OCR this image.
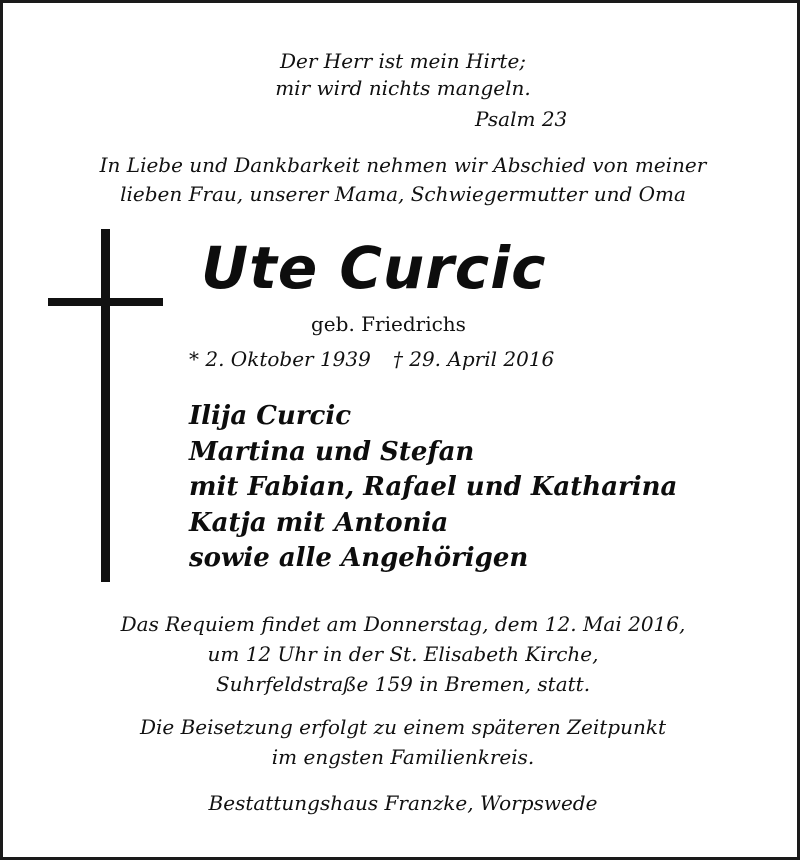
Der Herr ist mein Hirte;
mir wird nichts mangeln.
Psalm 23
In Liebe und Dankbarkeit nehmen wir Abschied von meiner
lieben Frau, unserer Mama, Schwiegermutter und Oma
Ute Curcic
geb. Friedrichs
* 2. Oktober 1939 † 29. April 2016
Ilija Curcic
Martina und Stefan
mit Fabian, Rafael und Katharina
Katja mit Antonia
sowie alle Angehörigen
Das Requiem findet am Donnerstag, dem 12. Mai 2016,
um 12 Uhr in der St. Elisabeth Kirche,
Suhrfeldstraße 159 in Bremen, statt.
Die Beisetzung erfolgt zu einem späteren Zeitpunkt
im engsten Familienkreis.
Bestattungshaus Franzke, Worpswede
